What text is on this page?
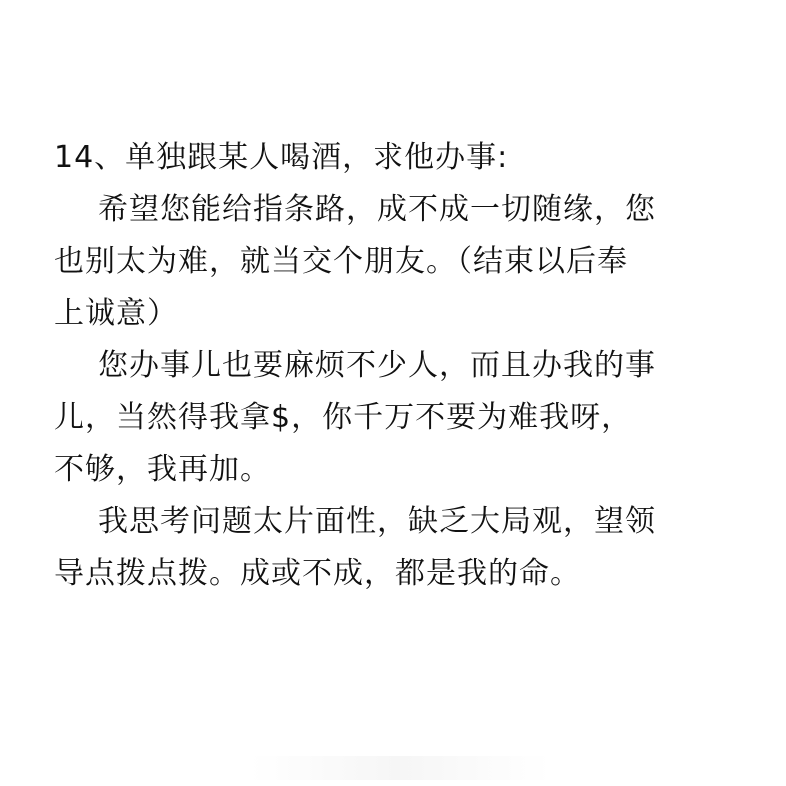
14、单独跟某人喝酒，求他办事:
希望您能给指条路，成不成一切随缘，您
也别太为难，就当交个朋友。（结束以后奉
上诚意）
您办事儿也要麻烦不少人，而且办我的事
儿，当然得我拿$，你千万不要为难我呀，
不够，我再加。
我思考问题太片面性，缺乏大局观，望领
导点拨点拨。成或不成，都是我的命。
